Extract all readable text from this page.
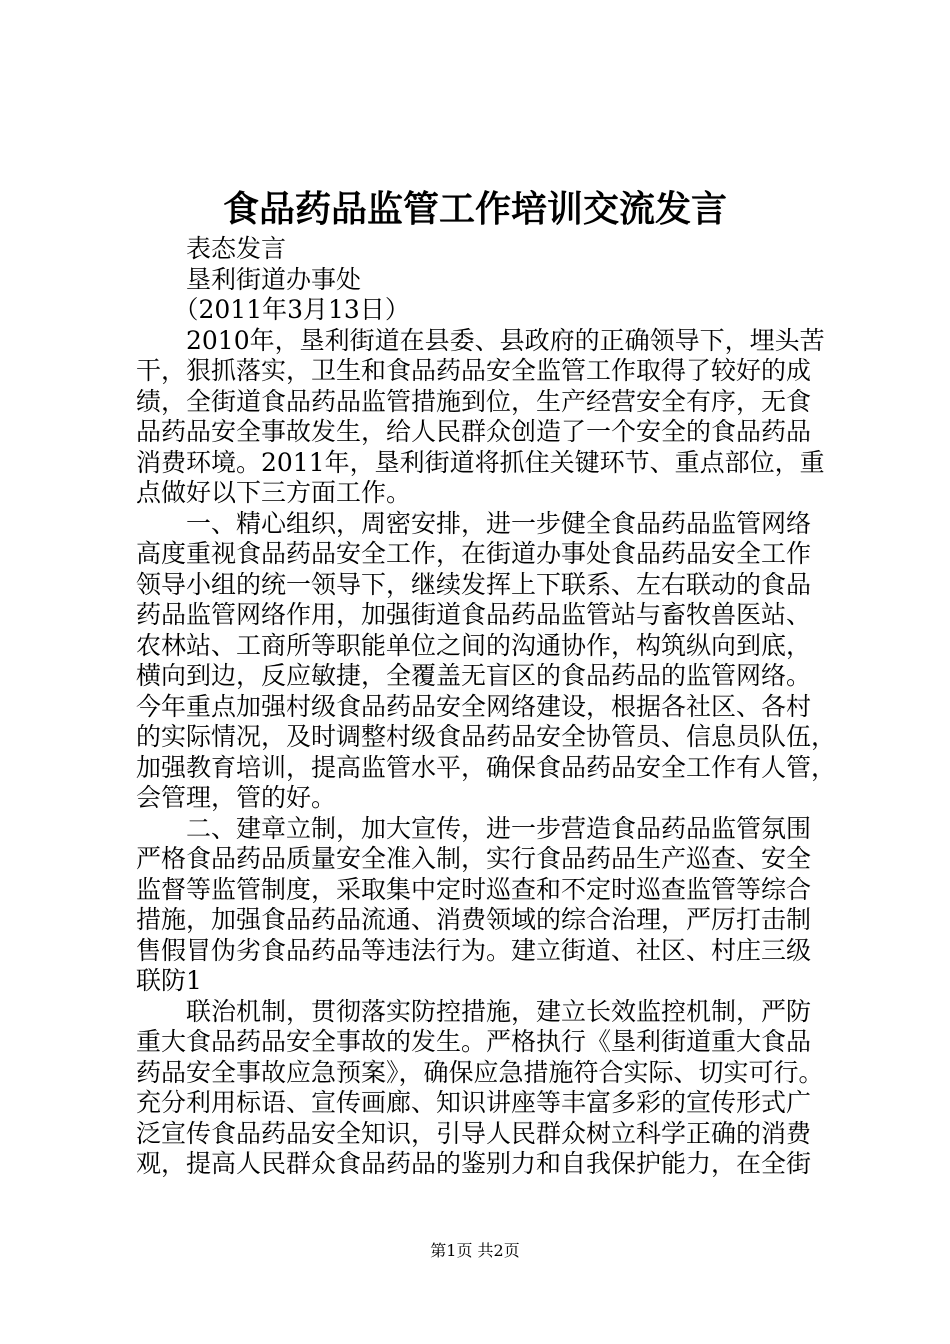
食品药品监管工作培训交流发言
　　表态发言
　　垦利街道办事处
　　（2011年3月13日）
　　2010年，垦利街道在县委、县政府的正确领导下，埋头苦
干，狠抓落实，卫生和食品药品安全监管工作取得了较好的成
绩，全街道食品药品监管措施到位，生产经营安全有序，无食
品药品安全事故发生，给人民群众创造了一个安全的食品药品
消费环境。2011年，垦利街道将抓住关键环节、重点部位，重
点做好以下三方面工作。
　　一、精心组织，周密安排，进一步健全食品药品监管网络
高度重视食品药品安全工作，在街道办事处食品药品安全工作
领导小组的统一领导下，继续发挥上下联系、左右联动的食品
药品监管网络作用，加强街道食品药品监管站与畜牧兽医站、
农林站、工商所等职能单位之间的沟通协作，构筑纵向到底，
横向到边，反应敏捷，全覆盖无盲区的食品药品的监管网络。
今年重点加强村级食品药品安全网络建设，根据各社区、各村
的实际情况，及时调整村级食品药品安全协管员、信息员队伍，
加强教育培训，提高监管水平，确保食品药品安全工作有人管，
会管理，管的好。
　　二、建章立制，加大宣传，进一步营造食品药品监管氛围
严格食品药品质量安全准入制，实行食品药品生产巡查、安全
监督等监管制度，采取集中定时巡查和不定时巡查监管等综合
措施，加强食品药品流通、消费领域的综合治理，严厉打击制
售假冒伪劣食品药品等违法行为。建立街道、社区、村庄三级
联防1
　　联治机制，贯彻落实防控措施，建立长效监控机制，严防
重大食品药品安全事故的发生。严格执行《垦利街道重大食品
药品安全事故应急预案》，确保应急措施符合实际、切实可行。
充分利用标语、宣传画廊、知识讲座等丰富多彩的宣传形式广
泛宣传食品药品安全知识，引导人民群众树立科学正确的消费
观，提高人民群众食品药品的鉴别力和自我保护能力，在全街
第1页 共2页
